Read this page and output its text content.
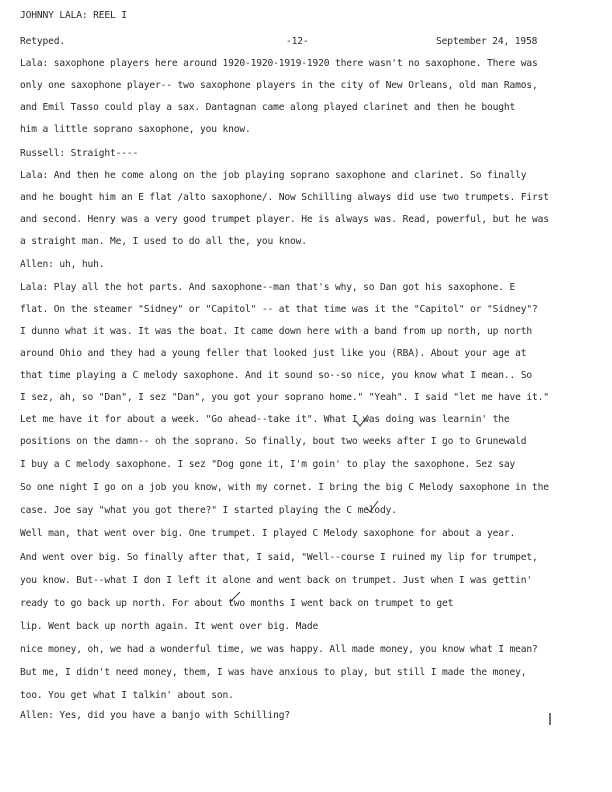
JOHNNY LALA: REEL I
Retyped.	-12-	September 24, 1958
Lala: saxophone players here around 1920-1920-1919-1920 there wasn't no saxophone. There was
only one saxophone player-- two saxophone players in the city of New Orleans, old man Ramos,
and Emil Tasso could play a sax. Dantagnan came along played clarinet and then he bought
him a little soprano saxophone, you know.
Russell: Straight----
Lala: And then he come along on the job playing soprano saxophone and clarinet. So finally
and he bought him an E flat /alto saxophone/. Now Schilling always did use two trumpets. First
and second. Henry was a very good trumpet player. He is always was. Read, powerful, but he was
a straight man. Me, I used to do all the, you know.
Allen: uh, huh.
Lala: Play all the hot parts. And saxophone--man that's why, so Dan got his saxophone. E
flat. On the steamer "Sidney" or "Capitol" -- at that time was it the "Capitol" or "Sidney"?
I dunno what it was. It was the boat. It came down here with a band from up north, up north
around Ohio and they had a young feller that looked just like you (RBA). About your age at
that time playing a C melody saxophone. And it sound so--so nice, you know what I mean.. So
I sez, ah, so "Dan", I sez "Dan", you got your soprano home." "Yeah". I said "let me have it."
Let me have it for about a week. "Go ahead--take it". What I was doing was learnin' the
positions on the damn-- oh the soprano. So finally, bout two weeks after I go to Grunewald
I buy a C melody saxophone. I sez "Dog gone it, I'm goin' to play the saxophone. Sez say
So one night I go on a job you know, with my cornet. I bring the big C Melody saxophone in the
case. Joe say "what you got there?" I started playing the C melody.
Well man, that went over big. One trumpet. I played C Melody saxophone for about a year.
And went over big. So finally after that, I said, "Well--course I ruined my lip for trumpet,
you know. But--what I don I left it alone and went back on trumpet. Just when I was gettin'
ready to go back up north. For about two months I went back on trumpet to get
lip. Went back up north again. It went over big. Made
nice money, oh, we had a wonderful time, we was happy. All made money, you know what I mean?
But me, I didn't need money, them, I was have anxious to play, but still I made the money,
too. You get what I talkin' about son.
Allen: Yes, did you have a banjo with Schilling?
